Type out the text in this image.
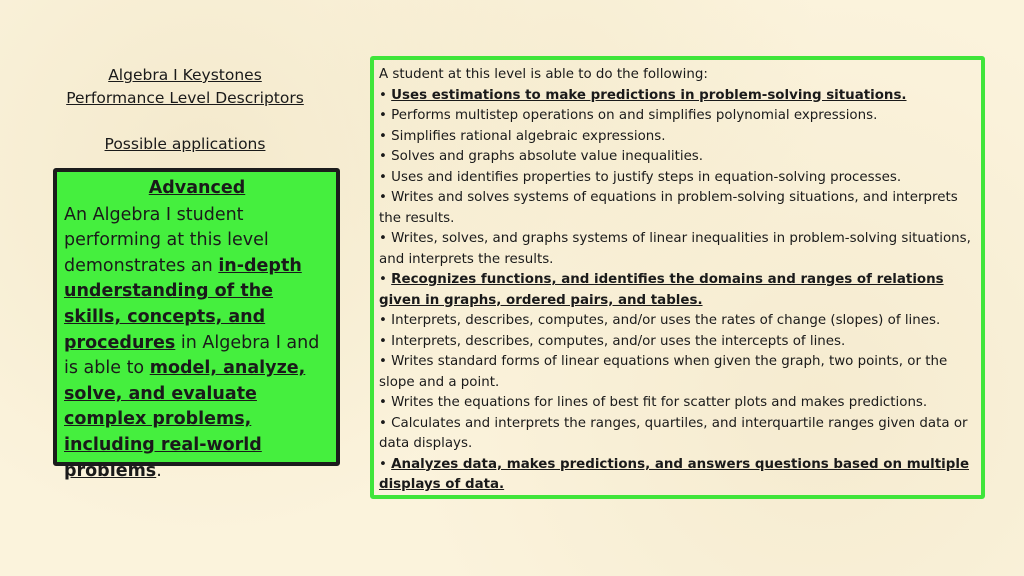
Algebra I Keystones
Performance Level Descriptors
Possible applications
Advanced
An Algebra I student performing at this level demonstrates an in-depth understanding of the skills, concepts, and procedures in Algebra I and is able to model, analyze, solve, and evaluate complex problems, including real-world problems.
A student at this level is able to do the following:
• Uses estimations to make predictions in problem-solving situations.
• Performs multistep operations on and simplifies polynomial expressions.
• Simplifies rational algebraic expressions.
• Solves and graphs absolute value inequalities.
• Uses and identifies properties to justify steps in equation-solving processes.
• Writes and solves systems of equations in problem-solving situations, and interprets the results.
• Writes, solves, and graphs systems of linear inequalities in problem-solving situations, and interprets the results.
• Recognizes functions, and identifies the domains and ranges of relations given in graphs, ordered pairs, and tables.
• Interprets, describes, computes, and/or uses the rates of change (slopes) of lines.
• Interprets, describes, computes, and/or uses the intercepts of lines.
• Writes standard forms of linear equations when given the graph, two points, or the slope and a point.
• Writes the equations for lines of best fit for scatter plots and makes predictions.
• Calculates and interprets the ranges, quartiles, and interquartile ranges given data or data displays.
• Analyzes data, makes predictions, and answers questions based on multiple displays of data.
